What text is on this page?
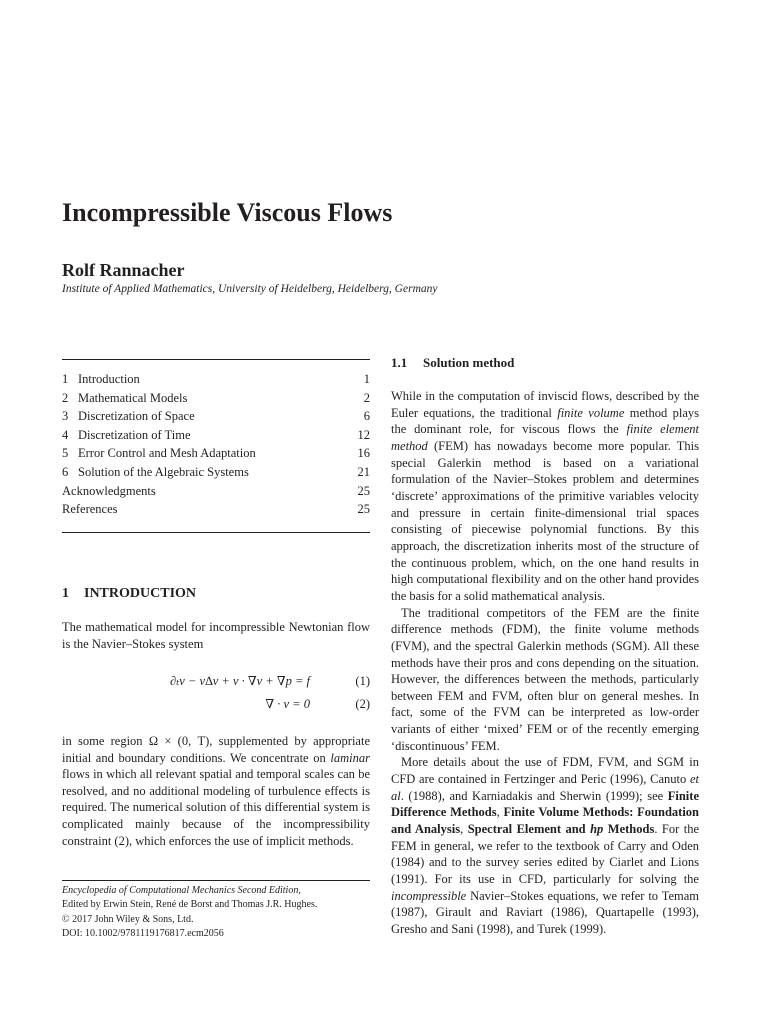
Incompressible Viscous Flows
Rolf Rannacher
Institute of Applied Mathematics, University of Heidelberg, Heidelberg, Germany
1 Introduction	1
2 Mathematical Models	2
3 Discretization of Space	6
4 Discretization of Time	12
5 Error Control and Mesh Adaptation	16
6 Solution of the Algebraic Systems	21
Acknowledgments	25
References	25
1 INTRODUCTION

The mathematical model for incompressible Newtonian flow is the Navier–Stokes system

∂ₜv − ν∆v + v · ∇v + ∇p = f	(1)
∇ · v = 0	(2)

in some region Ω × (0, T), supplemented by appropriate initial and boundary conditions. We concentrate on laminar flows in which all relevant spatial and temporal scales can be resolved, and no additional modeling of turbulence effects is required. The numerical solution of this differential system is complicated mainly because of the incompressibility constraint (2), which enforces the use of implicit methods.

Encyclopedia of Computational Mechanics Second Edition,
Edited by Erwin Stein, René de Borst and Thomas J.R. Hughes.
© 2017 John Wiley & Sons, Ltd.
DOI: 10.1002/9781119176817.ecm2056
1.1 Solution method

While in the computation of inviscid flows, described by the Euler equations, the traditional finite volume method plays the dominant role, for viscous flows the finite element method (FEM) has nowadays become more popular. This special Galerkin method is based on a variational formulation of the Navier–Stokes problem and determines ‘discrete’ approximations of the primitive variables velocity and pressure in certain finite-dimensional trial spaces consisting of piecewise polynomial functions. By this approach, the discretization inherits most of the structure of the continuous problem, which, on the one hand results in high computational flexibility and on the other hand provides the basis for a solid mathematical analysis.

The traditional competitors of the FEM are the finite difference methods (FDM), the finite volume methods (FVM), and the spectral Galerkin methods (SGM). All these methods have their pros and cons depending on the situation. However, the differences between the methods, particularly between FEM and FVM, often blur on general meshes. In fact, some of the FVM can be interpreted as low-order variants of either ‘mixed’ FEM or of the recently emerging ‘discontinuous’ FEM.

More details about the use of FDM, FVM, and SGM in CFD are contained in Fertzinger and Peric (1996), Canuto et al. (1988), and Karniadakis and Sherwin (1999); see Finite Difference Methods, Finite Volume Methods: Foundation and Analysis, Spectral Element and hp Methods. For the FEM in general, we refer to the textbook of Carry and Oden (1984) and to the survey series edited by Ciarlet and Lions (1991). For its use in CFD, particularly for solving the incompressible Navier–Stokes equations, we refer to Temam (1987), Girault and Raviart (1986), Quartapelle (1993), Gresho and Sani (1998), and Turek (1999).
